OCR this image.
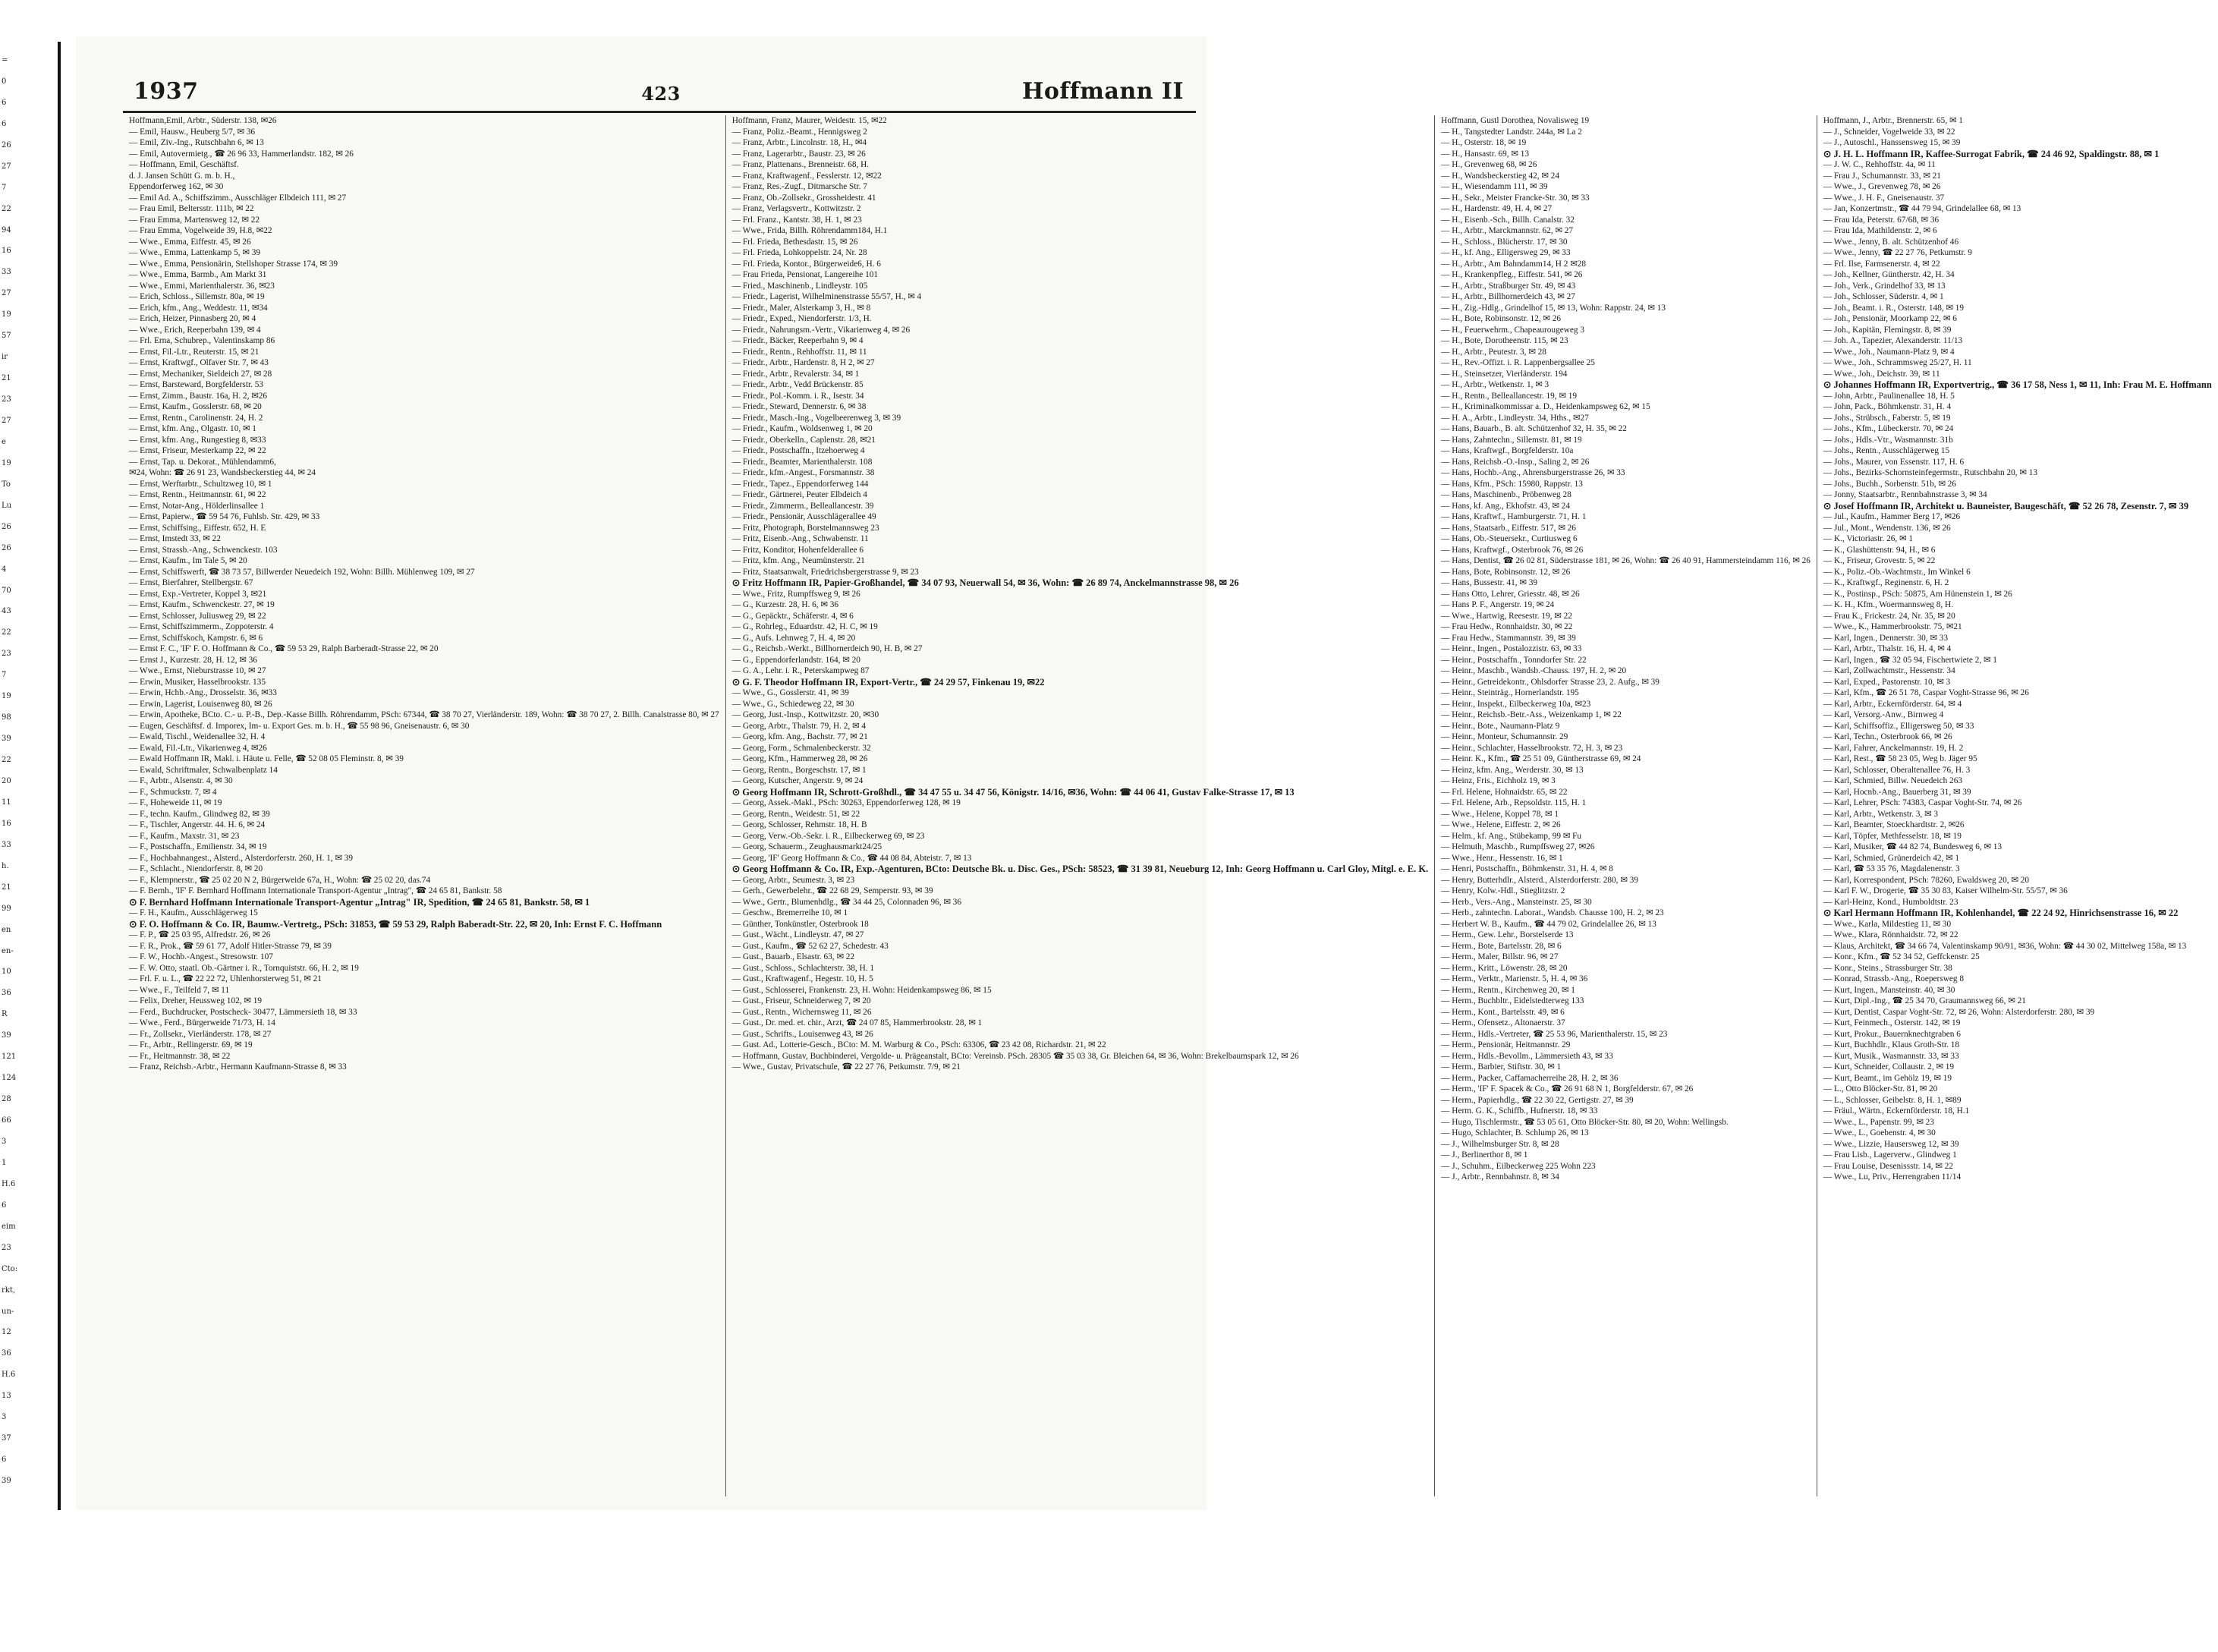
=
0
6
6
26
27
7
22
94
16
33
27
19
57
ir
21
23
27
e
19
To
Lu
26
26
4
70
43
22
23
7
19
98
39
22
20
11
16
33
h.
21
99
en
en-
10
36
R
39
121
124
28
66
3
1
H.6
6
eim
23
Cto:
rkt,
un-
12
36
H.6
13
3
37
6
39
1937	423	Hoffmann II
Hoffmann,Emil, Arbtr., Süderstr. 138, ✉26
— Emil, Hausw., Heuberg 5/7, ✉ 36
— Emil, Ziv.-Ing., Rutschbahn 6, ✉ 13
— Emil, Autovermietg., ☎ 26 96 33, Hammerlandstr. 182, ✉ 26
— Hoffmann, Emil, Geschäftsf.
d. J. Jansen Schütt G. m. b. H.,
Eppendorferweg 162, ✉ 30
— Emil Ad. A., Schiffszimm., Ausschläger Elbdeich 111, ✉ 27
— Frau Emil, Beltersstr. 111b, ✉ 22
— Frau Emma, Martensweg 12, ✉ 22
— Frau Emma, Vogelweide 39, H.8, ✉22
— Wwe., Emma, Eiffestr. 45, ✉ 26
— Wwe., Emma, Lattenkamp 5, ✉ 39
— Wwe., Emma, Pensionärin, Stellshoper Strasse 174, ✉ 39
— Wwe., Emma, Barmb., Am Markt 31
— Wwe., Emmi, Marienthalerstr. 36, ✉23
— Erich, Schloss., Sillemstr. 80a, ✉ 19
— Erich, kfm., Ang., Weddestr. 11, ✉34
— Erich, Heizer, Pinnasberg 20, ✉ 4
— Wwe., Erich, Reeperbahn 139, ✉ 4
— Frl. Erna, Schubrep., Valentinskamp 86
— Ernst, Fil.-Ltr., Reuterstr. 15, ✉ 21
— Ernst, Kraftwgf., Olfaver Str. 7, ✉ 43
— Ernst, Mechaniker, Sieldeich 27, ✉ 28
— Ernst, Barsteward, Borgfelderstr. 53
— Ernst, Zimm., Baustr. 16a, H. 2, ✉26
— Ernst, Kaufm., Gosslerstr. 68, ✉ 20
— Ernst, Rentn., Carolinenstr. 24, H. 2
— Ernst, kfm. Ang., Olgastr. 10, ✉ 1
— Ernst, kfm. Ang., Rungestieg 8, ✉33
— Ernst, Friseur, Mesterkamp 22, ✉ 22
— Ernst, Tap. u. Dekorat., Mühlendamm6,
✉24, Wohn: ☎ 26 91 23, Wandsbeckerstieg 44, ✉ 24
— Ernst, Werftarbtr., Schultzweg 10, ✉ 1
— Ernst, Rentn., Heitmannstr. 61, ✉ 22
— Ernst, Notar-Ang., Hölderlinsallee 1
— Ernst, Papierw., ☎ 59 54 76, Fuhlsb. Str. 429, ✉ 33
— Ernst, Schiffsing., Eiffestr. 652, H. E
— Ernst, Imstedt 33, ✉ 22
— Ernst, Strassb.-Ang., Schwenckestr. 103
— Ernst, Kaufm., Im Tale 5, ✉ 20
— Ernst, Schiffswerft, ☎ 38 73 57, Billwerder Neuedeich 192, Wohn: Billh. Mühlenweg 109, ✉ 27
— Ernst, Bierfahrer, Stellbergstr. 67
— Ernst, Exp.-Vertreter, Koppel 3, ✉21
— Ernst, Kaufm., Schwenckestr. 27, ✉ 19
— Ernst, Schlosser, Juliusweg 29, ✉ 22
— Ernst, Schiffszimmerm., Zoppoterstr. 4
— Ernst, Schiffskoch, Kampstr. 6, ✉ 6
— Ernst F. C., 'IF' F. O. Hoffmann & Co., ☎ 59 53 29, Ralph Barberadt-Strasse 22, ✉ 20
— Ernst J., Kurzestr. 28, H. 12, ✉ 36
— Wwe., Ernst, Nieburstrasse 10, ✉ 27
— Erwin, Musiker, Hasselbrookstr. 135
— Erwin, Hchb.-Ang., Drosselstr. 36, ✉33
— Erwin, Lagerist, Louisenweg 80, ✉ 26
— Erwin, Apotheke, BCto. C.- u. P.-B., Dep.-Kasse Billh. Röhrendamm, PSch: 67344, ☎ 38 70 27, Vierländerstr. 189, Wohn: ☎ 38 70 27, 2. Billh. Canalstrasse 80, ✉ 27
— Eugen, Geschäftsf. d. Imporex, Im- u. Export Ges. m. b. H., ☎ 55 98 96, Gneisenaustr. 6, ✉ 30
— Ewald, Tischl., Weidenallee 32, H. 4
— Ewald, Fil.-Ltr., Vikarienweg 4, ✉26
— Ewald Hoffmann IR, Makl. i. Häute u. Felle, ☎ 52 08 05 Fleminstr. 8, ✉ 39
— Ewald, Schriftmaler, Schwalbenplatz 14
— F., Arbtr., Alsenstr. 4, ✉ 30
— F., Schmuckstr. 7, ✉ 4
— F., Hoheweide 11, ✉ 19
— F., techn. Kaufm., Glindweg 82, ✉ 39
— F., Tischler, Angerstr. 44. H. 6, ✉ 24
— F., Kaufm., Maxstr. 31, ✉ 23
— F., Postschaffn., Emilienstr. 34, ✉ 19
— F., Hochbahnangest., Alsterd., Alsterdorferstr. 260, H. 1, ✉ 39
— F., Schlacht., Niendorferstr. 8, ✉ 20
— F., Klempnerstr., ☎ 25 02 20 N 2, Bürgerweide 67a, H., Wohn: ☎ 25 02 20, das.74
— F. Bernh., 'IF' F. Bernhard Hoffmann Internationale Transport-Agentur „Intrag", ☎ 24 65 81, Bankstr. 58
⊙ F. Bernhard Hoffmann Internationale Transport-Agentur „Intrag" IR, Spedition, ☎ 24 65 81, Bankstr. 58, ✉ 1
— F. H., Kaufm., Ausschlägerweg 15
⊙ F. O. Hoffmann & Co. IR, Baumw.-Vertretg., PSch: 31853, ☎ 59 53 29, Ralph Baberadt-Str. 22, ✉ 20, Inh: Ernst F. C. Hoffmann
— F. P., ☎ 25 03 95, Alfredstr. 26, ✉ 26
— F. R., Prok., ☎ 59 61 77, Adolf Hitler-Strasse 79, ✉ 39
— F. W., Hochb.-Angest., Stresowstr. 107
— F. W. Otto, staatl. Ob.-Gärtner i. R., Tornquiststr. 66, H. 2, ✉ 19
— Frl. F. u. L., ☎ 22 22 72, Uhlenhorsterweg 51, ✉ 21
— Wwe., F., Teilfeld 7, ✉ 11
— Felix, Dreher, Heussweg 102, ✉ 19
— Ferd., Buchdrucker, Postscheck- 30477, Lämmersieth 18, ✉ 33
— Wwe., Ferd., Bürgerweide 71/73, H. 14
— Fr., Zollsekr., Vierländerstr. 178, ✉ 27
— Fr., Arbtr., Rellingerstr. 69, ✉ 19
— Fr., Heitmannstr. 38, ✉ 22
— Franz, Reichsb.-Arbtr., Hermann Kaufmann-Strasse 8, ✉ 33
Hoffmann, Franz, Maurer, Weidestr. 15, ✉22
— Franz, Poliz.-Beamt., Hennigsweg 2
— Franz, Arbtr., Lincolnstr. 18, H., ✉4
— Franz, Lagerarbtr., Baustr. 23, ✉ 26
— Franz, Plattenans., Brenneistr. 68, H.
— Franz, Kraftwagenf., Fesslerstr. 12, ✉22
— Franz, Res.-Zugf., Ditmarsche Str. 7
— Franz, Ob.-Zollsekr., Grossheidestr. 41
— Franz, Verlagsvertr., Kottwitzstr. 2
— Frl. Franz., Kantstr. 38, H. 1, ✉ 23
— Wwe., Frida, Billh. Röhrendamm184, H.1
— Frl. Frieda, Bethesdastr. 15, ✉ 26
— Frl. Frieda, Lohkoppelstr. 24, Nr. 28
— Frl. Frieda, Kontor., Bürgerweide6, H. 6
— Frau Frieda, Pensionat, Langereihe 101
— Fried., Maschinenb., Lindleystr. 105
— Friedr., Lagerist, Wilhelminenstrasse 55/57, H., ✉ 4
— Friedr., Maler, Alsterkamp 3, H., ✉ 8
— Friedr., Exped., Niendorferstr. 1/3, H.
— Friedr., Nahrungsm.-Vertr., Vikarienweg 4, ✉ 26
— Friedr., Bäcker, Reeperbahn 9, ✉ 4
— Friedr., Rentn., Rehhoffstr. 11, ✉ 11
— Friedr., Arbtr., Hardenstr. 8, H 2, ✉ 27
— Friedr., Arbtr., Revalerstr. 34, ✉ 1
— Friedr., Arbtr., Vedd Brückenstr. 85
— Friedr., Pol.-Komm. i. R., Isestr. 34
— Friedr., Steward, Dennerstr. 6, ✉ 38
— Friedr., Masch.-Ing., Vogelbeerenweg 3, ✉ 39
— Friedr., Kaufm., Woldsenweg 1, ✉ 20
— Friedr., Oberkelln., Caplenstr. 28, ✉21
— Friedr., Postschaffn., Itzehoerweg 4
— Friedr., Beamter, Marienthalerstr. 108
— Friedr., kfm.-Angest., Forsmannstr. 38
— Friedr., Tapez., Eppendorferweg 144
— Friedr., Gärtnerei, Peuter Elbdeich 4
— Friedr., Zimmerm., Belleallancestr. 39
— Friedr., Pensionär, Ausschlägerallee 49
— Fritz, Photograph, Borstelmannsweg 23
— Fritz, Eisenb.-Ang., Schwabenstr. 11
— Fritz, Konditor, Hohenfelderallee 6
— Fritz, kfm. Ang., Neumünsterstr. 21
— Fritz, Staatsanwalt, Friedrichsbergerstrasse 9, ✉ 23
⊙ Fritz Hoffmann IR, Papier-Großhandel, ☎ 34 07 93, Neuerwall 54, ✉ 36, Wohn: ☎ 26 89 74, Anckelmannstrasse 98, ✉ 26
— Wwe., Fritz, Rumpffsweg 9, ✉ 26
— G., Kurzestr. 28, H. 6, ✉ 36
— G., Gepäcktr., Schäferstr. 4, ✉ 6
— G., Rohrleg., Eduardstr. 42, H. C, ✉ 19
— G., Aufs. Lehnweg 7, H. 4, ✉ 20
— G., Reichsb.-Werkt., Billhornerdeich 90, H. B, ✉ 27
— G., Eppendorferlandstr. 164, ✉ 20
— G. A., Lehr. i. R., Peterskampweg 87
⊙ G. F. Theodor Hoffmann IR, Export-Vertr., ☎ 24 29 57, Finkenau 19, ✉22
— Wwe., G., Gosslerstr. 41, ✉ 39
— Wwe., G., Schiedeweg 22, ✉ 30
— Georg, Just.-Insp., Kottwitzstr. 20, ✉30
— Georg, Arbtr., Thalstr. 79, H. 2, ✉ 4
— Georg, kfm. Ang., Bachstr. 77, ✉ 21
— Georg, Form., Schmalenbeckerstr. 32
— Georg, Kfm., Hammerweg 28, ✉ 26
— Georg, Rentn., Borgeschstr. 17, ✉ 1
— Georg, Kutscher, Angerstr. 9, ✉ 24
⊙ Georg Hoffmann IR, Schrott-Großhdl., ☎ 34 47 55 u. 34 47 56, Königstr. 14/16, ✉36, Wohn: ☎ 44 06 41, Gustav Falke-Strasse 17, ✉ 13
— Georg, Assek.-Makl., PSch: 30263, Eppendorferweg 128, ✉ 19
— Georg, Rentn., Weidestr. 51, ✉ 22
— Georg, Schlosser, Rehmstr. 18, H. B
— Georg, Verw.-Ob.-Sekr. i. R., Eilbeckerweg 69, ✉ 23
— Georg, Schauerm., Zeughausmarkt24/25
— Georg, 'IF' Georg Hoffmann & Co., ☎ 44 08 84, Abteistr. 7, ✉ 13
⊙ Georg Hoffmann & Co. IR, Exp.-Agenturen, BCto: Deutsche Bk. u. Disc. Ges., PSch: 58523, ☎ 31 39 81, Neueburg 12, Inh: Georg Hoffmann u. Carl Gloy, Mitgl. e. E. K.
— Georg, Arbtr., Seumestr. 3, ✉ 23
— Gerh., Gewerbelehr., ☎ 22 68 29, Semperstr. 93, ✉ 39
— Wwe., Gertr., Blumenhdlg., ☎ 34 44 25, Colonnaden 96, ✉ 36
— Geschw., Bremerreihe 10, ✉ 1
— Günther, Tonkünstler, Osterbrook 18
— Gust., Wächt., Lindleystr. 47, ✉ 27
— Gust., Kaufm., ☎ 52 62 27, Schedestr. 43
— Gust., Bauarb., Elsastr. 63, ✉ 22
— Gust., Schloss., Schlachterstr. 38, H. 1
— Gust., Kraftwagenf., Hegestr. 10, H. 5
— Gust., Schlosserei, Frankenstr. 23, H. Wohn: Heidenkampsweg 86, ✉ 15
— Gust., Friseur, Schneiderweg 7, ✉ 20
— Gust., Rentn., Wichernsweg 11, ✉ 26
— Gust., Dr. med. et. chir., Arzt, ☎ 24 07 85, Hammerbrookstr. 28, ✉ 1
— Gust., Schrifts., Louisenweg 43, ✉ 26
— Gust. Ad., Lotterie-Gesch., BCto: M. M. Warburg & Co., PSch: 63306, ☎ 23 42 08, Richardstr. 21, ✉ 22
— Hoffmann, Gustav, Buchbinderei, Vergolde- u. Prägeanstalt, BCto: Vereinsb. PSch. 28305 ☎ 35 03 38, Gr. Bleichen 64, ✉ 36, Wohn: Brekelbaumspark 12, ✉ 26
— Wwe., Gustav, Privatschule, ☎ 22 27 76, Petkumstr. 7/9, ✉ 21
Hoffmann, Gustl Dorothea, Novalisweg 19
— H., Tangstedter Landstr. 244a, ✉ La 2
— H., Osterstr. 18, ✉ 19
— H., Hansastr. 69, ✉ 13
— H., Grevenweg 68, ✉ 26
— H., Wandsbeckerstieg 42, ✉ 24
— H., Wiesendamm 111, ✉ 39
— H., Sekr., Meister Francke-Str. 30, ✉ 33
— H., Hardenstr. 49, H. 4, ✉ 27
— H., Eisenb.-Sch., Billh. Canalstr. 32
— H., Arbtr., Marckmannstr. 62, ✉ 27
— H., Schloss., Blücherstr. 17, ✉ 30
— H., kf. Ang., Elligersweg 29, ✉ 33
— H., Arbtr., Am Bahndamm14, H 2 ✉28
— H., Krankenpfleg., Eiffestr. 541, ✉ 26
— H., Arbtr., Straßburger Str. 49, ✉ 43
— H., Arbtr., Billhornerdeich 43, ✉ 27
— H., Zig.-Hdlg., Grindelhof 15, ✉ 13, Wohn: Rappstr. 24, ✉ 13
— H., Bote, Robinsonstr. 12, ✉ 26
— H., Feuerwehrm., Chapeaurougeweg 3
— H., Bote, Dorotheenstr. 115, ✉ 23
— H., Arbtr., Peutestr. 3, ✉ 28
— H., Rev.-Offizt. i. R. Lappenbergsallee 25
— H., Steinsetzer, Vierländerstr. 194
— H., Arbtr., Wetkenstr. 1, ✉ 3
— H., Rentn., Belleallancestr. 19, ✉ 19
— H., Kriminalkommissar a. D., Heidenkampsweg 62, ✉ 15
— H. A., Arbtr., Lindleystr. 34, Hths., ✉27
— Hans, Bauarb., B. alt. Schützenhof 32, H. 35, ✉ 22
— Hans, Zahntechn., Sillemstr. 81, ✉ 19
— Hans, Kraftwgf., Borgfelderstr. 10a
— Hans, Reichsb.-O.-Insp., Saling 2, ✉ 26
— Hans, Hochb.-Ang., Ahrensburgerstrasse 26, ✉ 33
— Hans, Kfm., PSch: 15980, Rappstr. 13
— Hans, Maschinenb., Pröbenweg 28
— Hans, kf. Ang., Ekhofstr. 43, ✉ 24
— Hans, Kraftwf., Hamburgerstr. 71, H. 1
— Hans, Staatsarb., Eiffestr. 517, ✉ 26
— Hans, Ob.-Steuersekr., Curtiusweg 6
— Hans, Kraftwgf., Osterbrook 76, ✉ 26
— Hans, Dentist, ☎ 26 02 81, Süderstrasse 181, ✉ 26, Wohn: ☎ 26 40 91, Hammersteindamm 116, ✉ 26
— Hans, Bote, Robinsonstr. 12, ✉ 26
— Hans, Bussestr. 41, ✉ 39
— Hans Otto, Lehrer, Griesstr. 48, ✉ 26
— Hans P. F., Angerstr. 19, ✉ 24
— Wwe., Hartwig, Reesestr. 19, ✉ 22
— Frau Hedw., Ronnhaidstr. 30, ✉ 22
— Frau Hedw., Stammannstr. 39, ✉ 39
— Heinr., Ingen., Postalozzistr. 63, ✉ 33
— Heinr., Postschaffn., Tonndorfer Str. 22
— Heinr., Maschb., Wandsb.-Chauss. 197, H. 2, ✉ 20
— Heinr., Getreidekontr., Ohlsdorfer Strasse 23, 2. Aufg., ✉ 39
— Heinr., Steinträg., Hornerlandstr. 195
— Heinr., Inspekt., Eilbeckerweg 10a, ✉23
— Heinr., Reichsb.-Betr.-Ass., Weizenkamp 1, ✉ 22
— Heinr., Bote., Naumann-Platz 9
— Heinr., Monteur, Schumannstr. 29
— Heinr., Schlachter, Hasselbrookstr. 72, H. 3, ✉ 23
— Heinr. K., Kfm., ☎ 25 51 09, Güntherstrasse 69, ✉ 24
— Heinz, kfm. Ang., Werderstr. 30, ✉ 13
— Heinz, Fris., Eichholz 19, ✉ 3
— Frl. Helene, Hohnaidstr. 65, ✉ 22
— Frl. Helene, Arb., Repsoldstr. 115, H. 1
— Wwe., Helene, Koppel 78, ✉ 1
— Wwe., Helene, Eiffestr. 2, ✉ 26
— Helm., kf. Ang., Stübekamp, 99 ✉ Fu
— Helmuth, Maschb., Rumpffsweg 27, ✉26
— Wwe., Henr., Hessenstr. 16, ✉ 1
— Henri, Postschaffn., Böhmkenstr. 31, H. 4, ✉ 8
— Henry, Butterhdlr., Alsterd., Alsterdorferstr. 280, ✉ 39
— Henry, Kolw.-Hdl., Stieglitzstr. 2
— Herb., Vers.-Ang., Mansteinstr. 25, ✉ 30
— Herb., zahntechn. Laborat., Wandsb. Chausse 100, H. 2, ✉ 23
— Herbert W. B., Kaufm., ☎ 44 79 02, Grindelallee 26, ✉ 13
— Herm., Gew. Lehr., Borstelserde 13
— Herm., Bote, Bartelsstr. 28, ✉ 6
— Herm., Maler, Billstr. 96, ✉ 27
— Herm., Kritt., Löwenstr. 28, ✉ 20
— Herm., Verktr., Marienstr. 5, H. 4, ✉ 36
— Herm., Rentn., Kirchenweg 20, ✉ 1
— Herm., Buchbltr., Eidelstedterweg 133
— Herm., Kont., Bartelsstr. 49, ✉ 6
— Herm., Ofensetz., Altonaerstr. 37
— Herm., Hdls.-Vertreter, ☎ 25 53 96, Marienthalerstr. 15, ✉ 23
— Herm., Pensionär, Heitmannstr. 29
— Herm., Hdls.-Bevollm., Lämmersieth 43, ✉ 33
— Herm., Barbier, Stiftstr. 30, ✉ 1
— Herm., Packer, Caffamacherreihe 28, H. 2, ✉ 36
— Herm., 'IF' F. Spacek & Co., ☎ 26 91 68 N 1, Borgfelderstr. 67, ✉ 26
— Herm., Papierhdlg., ☎ 22 30 22, Gertigstr. 27, ✉ 39
— Herm. G. K., Schiffb., Hufnerstr. 18, ✉ 33
— Hugo, Tischlermstr., ☎ 53 05 61, Otto Blöcker-Str. 80, ✉ 20, Wohn: Wellingsb.
— Hugo, Schlachter, B. Schlump 26, ✉ 13
— J., Wilhelmsburger Str. 8, ✉ 28
— J., Berlinerthor 8, ✉ 1
— J., Schuhm., Eilbeckerweg 225 Wohn 223
— J., Arbtr., Rennbahnstr. 8, ✉ 34
Hoffmann, J., Arbtr., Brennerstr. 65, ✉ 1
— J., Schneider, Vogelweide 33, ✉ 22
— J., Autoschl., Hanssensweg 15, ✉ 39
⊙ J. H. L. Hoffmann IR, Kaffee-Surrogat Fabrik, ☎ 24 46 92, Spaldingstr. 88, ✉ 1
— J. W. C., Rehhoffstr. 4a, ✉ 11
— Frau J., Schumannstr. 33, ✉ 21
— Wwe., J., Grevenweg 78, ✉ 26
— Wwe., J. H. F., Gneisenaustr. 37
— Jan, Konzertmstr., ☎ 44 79 94, Grindelallee 68, ✉ 13
— Frau Ida, Peterstr. 67/68, ✉ 36
— Frau Ida, Mathildenstr. 2, ✉ 6
— Wwe., Jenny, B. alt. Schützenhof 46
— Wwe., Jenny, ☎ 22 27 76, Petkumstr. 9
— Frl. Ilse, Farmsenerstr. 4, ✉ 22
— Joh., Kellner, Güntherstr. 42, H. 34
— Joh., Verk., Grindelhof 33, ✉ 13
— Joh., Schlosser, Süderstr. 4, ✉ 1
— Joh., Beamt. i. R., Osterstr. 148, ✉ 19
— Joh., Pensionär, Moorkamp 22, ✉ 6
— Joh., Kapitän, Flemingstr. 8, ✉ 39
— Joh. A., Tapezier, Alexanderstr. 11/13
— Wwe., Joh., Naumann-Platz 9, ✉ 4
— Wwe., Joh., Schrammsweg 25/27, H. 11
— Wwe., Joh., Deichstr. 39, ✉ 11
⊙ Johannes Hoffmann IR, Exportvertrig., ☎ 36 17 58, Ness 1, ✉ 11, Inh: Frau M. E. Hoffmann
— John, Arbtr., Paulinenallee 18, H. 5
— John, Pack., Böhmkenstr. 31, H. 4
— Johs., Strübsch., Faberstr. 5, ✉ 19
— Johs., Kfm., Lübeckerstr. 70, ✉ 24
— Johs., Hdls.-Vtr., Wasmannstr. 31b
— Johs., Rentn., Ausschlägerweg 15
— Johs., Maurer, von Essenstr. 117, H. 6
— Johs., Bezirks-Schornsteinfegermstr., Rutschbahn 20, ✉ 13
— Johs., Buchh., Sorbenstr. 51b, ✉ 26
— Jonny, Staatsarbtr., Rennbahnstrasse 3, ✉ 34
⊙ Josef Hoffmann IR, Architekt u. Bauneister, Baugeschäft, ☎ 52 26 78, Zesenstr. 7, ✉ 39
— Jul., Kaufm., Hammer Berg 17, ✉26
— Jul., Mont., Wendenstr. 136, ✉ 26
— K., Victoriastr. 26, ✉ 1
— K., Glashüttenstr. 94, H., ✉ 6
— K., Friseur, Grovestr. 5, ✉ 22
— K., Poliz.-Ob.-Wachtmstr., Im Winkel 6
— K., Kraftwgf., Reginenstr. 6, H. 2
— K., Postinsp., PSch: 50875, Am Hünenstein 1, ✉ 26
— K. H., Kfm., Woermannsweg 8, H.
— Frau K., Frickestr. 24, Nr. 35, ✉ 20
— Wwe., K., Hammerbrookstr. 75, ✉21
— Karl, Ingen., Dennerstr. 30, ✉ 33
— Karl, Arbtr., Thalstr. 16, H. 4, ✉ 4
— Karl, Ingen., ☎ 32 05 94, Fischertwiete 2, ✉ 1
— Karl, Zollwachtmstr., Hessenstr. 34
— Karl, Exped., Pastorenstr. 10, ✉ 3
— Karl, Kfm., ☎ 26 51 78, Caspar Voght-Strasse 96, ✉ 26
— Karl, Arbtr., Eckernförderstr. 64, ✉ 4
— Karl, Versorg.-Anw., Birnweg 4
— Karl, Schiffsoffiz., Elligersweg 50, ✉ 33
— Karl, Techn., Osterbrook 66, ✉ 26
— Karl, Fahrer, Anckelmannstr. 19, H. 2
— Karl, Rest., ☎ 58 23 05, Weg b. Jäger 95
— Karl, Schlosser, Oberaltenallee 76, H. 3
— Karl, Schmied, Billw. Neuedeich 263
— Karl, Hocnb.-Ang., Bauerberg 31, ✉ 39
— Karl, Lehrer, PSch: 74383, Caspar Voght-Str. 74, ✉ 26
— Karl, Arbtr., Wetkenstr. 3, ✉ 3
— Karl, Beamter, Stoeckhardtstr. 2, ✉26
— Karl, Töpfer, Methfesselstr. 18, ✉ 19
— Karl, Musiker, ☎ 44 82 74, Bundesweg 6, ✉ 13
— Karl, Schmied, Grünerdeich 42, ✉ 1
— Karl, ☎ 53 35 76, Magdalenenstr. 3
— Karl, Korrespondent, PSch: 78260, Ewaldsweg 20, ✉ 20
— Karl F. W., Drogerie, ☎ 35 30 83, Kaiser Wilhelm-Str. 55/57, ✉ 36
— Karl-Heinz, Kond., Humboldtstr. 23
⊙ Karl Hermann Hoffmann IR, Kohlenhandel, ☎ 22 24 92, Hinrichsenstrasse 16, ✉ 22
— Wwe., Karla, Mildestieg 11, ✉ 30
— Wwe., Klara, Rönnhaidstr. 72, ✉ 22
— Klaus, Architekt, ☎ 34 66 74, Valentinskamp 90/91, ✉36, Wohn: ☎ 44 30 02, Mittelweg 158a, ✉ 13
— Konr., Kfm., ☎ 52 34 52, Geffckenstr. 25
— Konr., Steins., Strassburger Str. 38
— Konrad, Strassb.-Ang., Roepersweg 8
— Kurt, Ingen., Mansteinstr. 40, ✉ 30
— Kurt, Dipl.-Ing., ☎ 25 34 70, Graumannsweg 66, ✉ 21
— Kurt, Dentist, Caspar Voght-Str. 72, ✉ 26, Wohn: Alsterdorferstr. 280, ✉ 39
— Kurt, Feinmech., Osterstr. 142, ✉ 19
— Kurt, Prokur., Bauernknechtgraben 6
— Kurt, Buchhdlr., Klaus Groth-Str. 18
— Kurt, Musik., Wasmannstr. 33, ✉ 33
— Kurt, Schneider, Collaustr. 2, ✉ 19
— Kurt, Beamt., im Gehölz 19, ✉ 19
— L., Otto Blöcker-Str. 81, ✉ 20
— L., Schlosser, Geibelstr. 8, H. 1, ✉89
— Fräul., Wärtn., Eckernförderstr. 18, H.1
— Wwe., L., Papenstr. 99, ✉ 23
— Wwe., L., Goebenstr. 4, ✉ 30
— Wwe., Lizzie, Hausersweg 12, ✉ 39
— Frau Lisb., Lagerverw., Glindweg 1
— Frau Louise, Desenissstr. 14, ✉ 22
— Wwe., Lu, Priv., Herrengraben 11/14
